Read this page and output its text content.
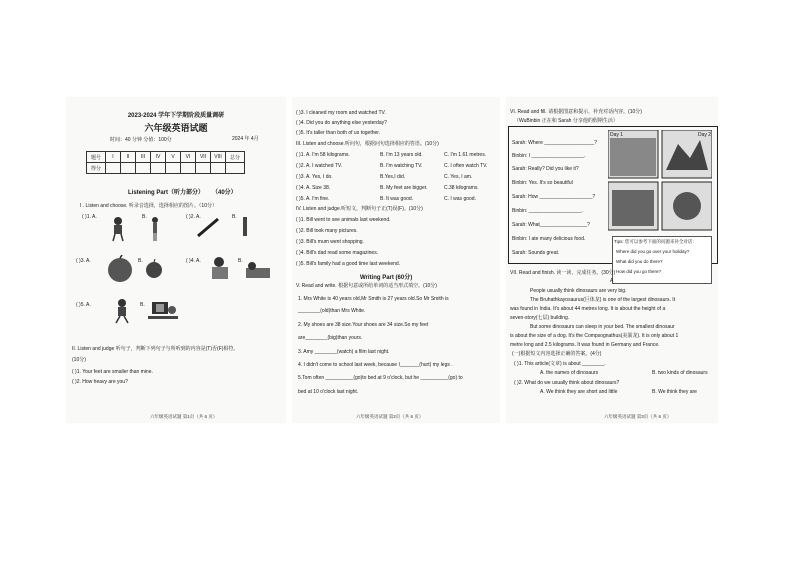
2023-2024 学年下学期阶段质量调研
六年级英语试题
时间：40 分钟 分值：100分	2024 年 4月
题号	I	II	III	IV	V	VI	VII	VIII	总分
得分									
Listening Part（听力部分） （40分）
I . Listen and choose. 听录音选择，选择相应的图片。（10分）
( )1. A.	B.	( )2. A.	B.
( )3. A.	B.	( )4. A.	B.
( )5. A.	B.
II. Listen and judge 听句子，判断下列句子与所听到的内容是(T)否(F)相符。
(10分)
( )1. Your feet are smaller than mine.
( )2. How heavy are you?
六年级英语试题 第1页（共 6 页）
( )3. I cleaned my room and watched TV.
( )4. Did you do anything else yesterday?
( )5. It's taller than both of us together.
III. Listen and choose.听问句，根据问句选择相应的答语。(10分)
( )1. A. I'm 58 kilograms.	B. I'm 13 years old.	C. I'm 1.61 metres.
( )2. A. I watched TV.	B. I'm watching TV.	C. I often watch TV.
( )3. A. Yes, I do.	B.Yes,I did.	C. Yes, I am.
( )4. A. Size 38.	B. My feet are bigger.	C.38 kilograms.
( )5. A. I'm fine.	B. It was good.	C. I was good.
IV. Listen and judge.听短文，判断句子正(T)误(F)。(10分)
( )1. Bill went to see animals last weekend.
( )2. Bill took many pictures.
( )3. Bill's mum went shopping.
( )4. Bill's dad read some magazines.
( )5. Bill's family had a good time last weekend.
Writing Part (60分)
V. Read and write. 根据句意或所给单词的适当形式填空。(10分)
1. Mrs White is 40 years old,Mr Smith is 27 years old.So Mr Smith is
________(old)than Mrs White.
2. My shoes are 38 size.Your shoes are 34 size.So my feet
are________(big)than yours.
3. Amy ________(watch) a film last night.
4. I didn't come to school last week, because I_______(hurt) my legs .
5.Tom often __________(go)to bed at 9 o'clock, but he __________(go) to
bed at 10 o'clock last night.
六年级英语试题 第2页（共 6 页）
VI. Read and fill. 请根据图意和提示，补充对话内容。(10分)
（WuBinbin 正在和 Sarah 分享他的假期生活）
Sarah: Where __________________?
Binbin: I ___________________.
Sarah: Really? Did you like it?
Binbin: Yes. It's so beautiful
Sarah: How ___________________?
Binbin: ___________________.
Sarah: What_________________?
Binbin: I ate many delicious food.
Sarah: Sounds great.
Day 1	Day 2
Tips: 您可以参考下面的问题来补全对话：
Where did you go over your holiday?
What did you do there?
How did you go there?
VII. Read and finish. 读一读，完成任务。(30分)
A
People usually think dinosaurs are very big.
The Bruhathkayosaurus(巨体龙) is one of the largest dinosaurs. It
was found in India. It's about 44 metres long. It is about the height of a
seven-story(七层) building.
But some dinosaurs can sleep in your bed. The smallest dinosaur
is about the size of a dog. It's the Compsognathus(美颌龙). It is only about 1
metre long and 2.5 kilograms. It was found in Germany and France.
(一)根据短文内容选择正确的答案。(4分)
( )1. This article(文章) is about ________.
A. the names of dinosaurs	B. two kinds of dinosaurs
( )2. What do we usually think about dinosaurs?
A. We think they are short and little	B. We think they are
六年级英语试题 第3页（共 6 页）
